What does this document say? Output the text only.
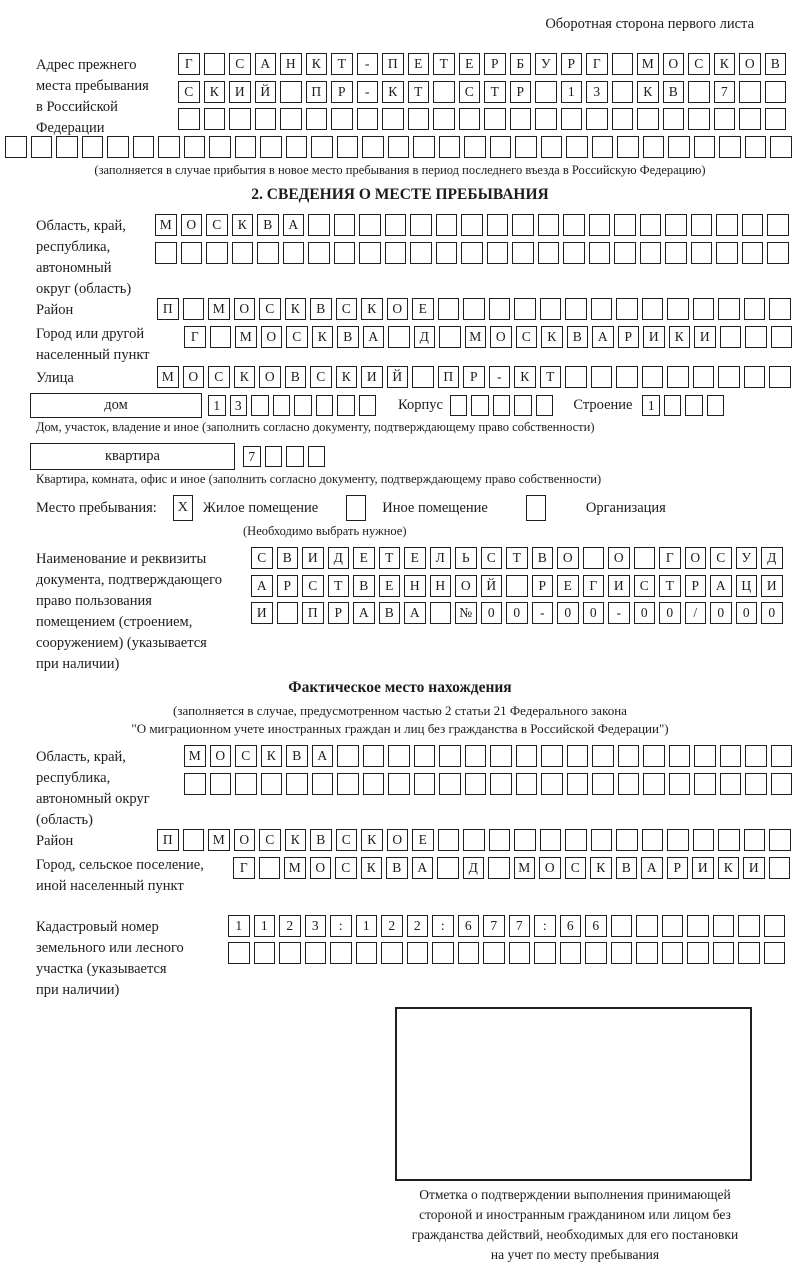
Оборотная сторона первого листа
Адрес прежнего
места пребывания
в Российской
Федерации
Г	С	А	Н	К	Т	-	П	Е	Т	Е	Р	Б	У	Р	Г	М	О	С	К	О	В
С	К	И	Й	П	Р	-	К	Т	С	Т	Р	1	3	К	В	7
(заполняется в случае прибытия в новое место пребывания в период последнего въезда в Российскую Федерацию)
2. СВЕДЕНИЯ О МЕСТЕ ПРЕБЫВАНИЯ
Область, край,
республика,
автономный
округ (область)
М	О	С	К	В	А
Район	П	М	О	С	К	В	С	К	О	Е
Город или другой
населенный пункт
Г	М	О	С	К	В	А	Д	М	О	С	К	В	А	Р	И	К	И
Улица	М	О	С	К	О	В	С	К	И	Й	П	Р	-	К	Т
дом	1	3	Корпус	Строение	1
Дом, участок, владение и иное (заполнить согласно документу, подтверждающему право собственности)
квартира	7
Квартира, комната, офис и иное (заполнить согласно документу, подтверждающему право собственности)
Место пребывания:	Х	Жилое помещение	Иное помещение	Организация
(Необходимо выбрать нужное)
Наименование и реквизиты
документа, подтверждающего
право пользования
помещением (строением,
сооружением) (указывается
при наличии)
С	В	И	Д	Е	Т	Е	Л	Ь	С	Т	В	О	О	Г	О	С	У	Д
А	Р	С	Т	В	Е	Н	Н	О	Й	Р	Е	Г	И	С	Т	Р	А	Ц	И
И	П	Р	А	В	А	№	0	0	-	0	0	-	0	0	/	0	0	0
Фактическое место нахождения
(заполняется в случае, предусмотренном частью 2 статьи 21 Федерального закона
"О миграционном учете иностранных граждан и лиц без гражданства в Российской Федерации")
Область, край,
республика,
автономный округ
(область)
М	О	С	К	В	А
Район	П	М	О	С	К	В	С	К	О	Е
Город, сельское поселение,
иной населенный пункт
Г	М	О	С	К	В	А	Д	М	О	С	К	В	А	Р	И	К	И
Кадастровый номер
земельного или лесного
участка (указывается
при наличии)
1	1	2	3	:	1	2	2	:	6	7	7	:	6	6
Отметка о подтверждении выполнения принимающей
стороной и иностранным гражданином или лицом без
гражданства действий, необходимых для его постановки
на учет по месту пребывания
